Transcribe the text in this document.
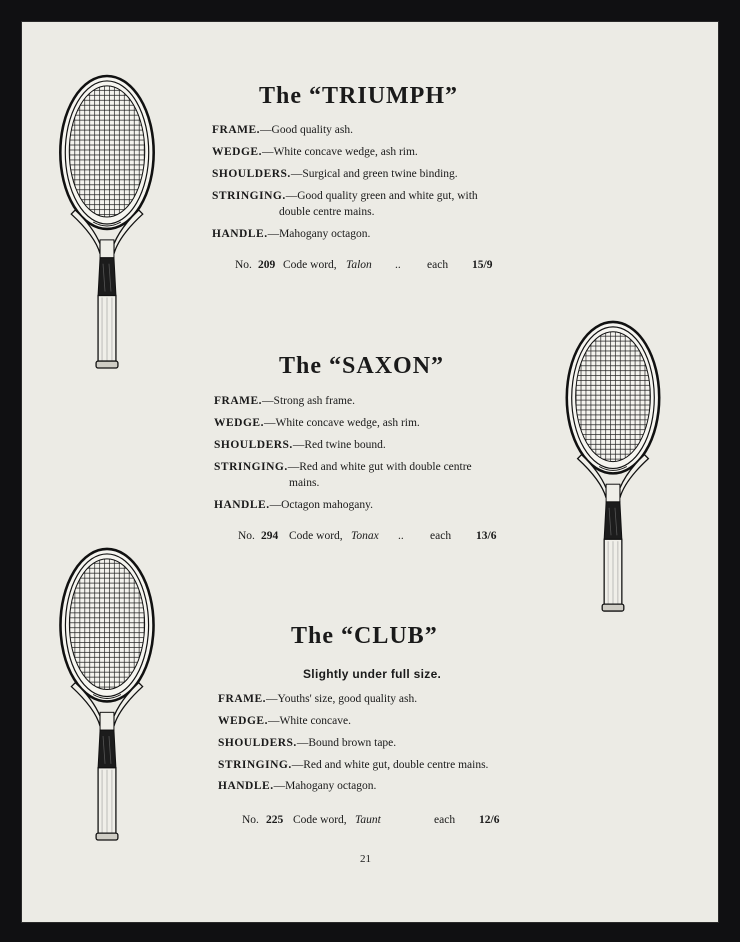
The “TRIUMPH”
FRAME.—Good quality ash.
WEDGE.—White concave wedge, ash rim.
SHOULDERS.—Surgical and green twine binding.
STRINGING.—Good quality green and white gut, with
double centre mains.
HANDLE.—Mahogany octagon.
No. 209 Code word, Talon .. each 15/9
The “SAXON”
FRAME.—Strong ash frame.
WEDGE.—White concave wedge, ash rim.
SHOULDERS.—Red twine bound.
STRINGING.—Red and white gut with double centre
mains.
HANDLE.—Octagon mahogany.
No. 294 Code word, Tonax .. each 13/6
The “CLUB”
Slightly under full size.
FRAME.—Youths' size, good quality ash.
WEDGE.—White concave.
SHOULDERS.—Bound brown tape.
STRINGING.—Red and white gut, double centre mains.
HANDLE.—Mahogany octagon.
No. 225 Code word, Taunt	each 12/6
21
